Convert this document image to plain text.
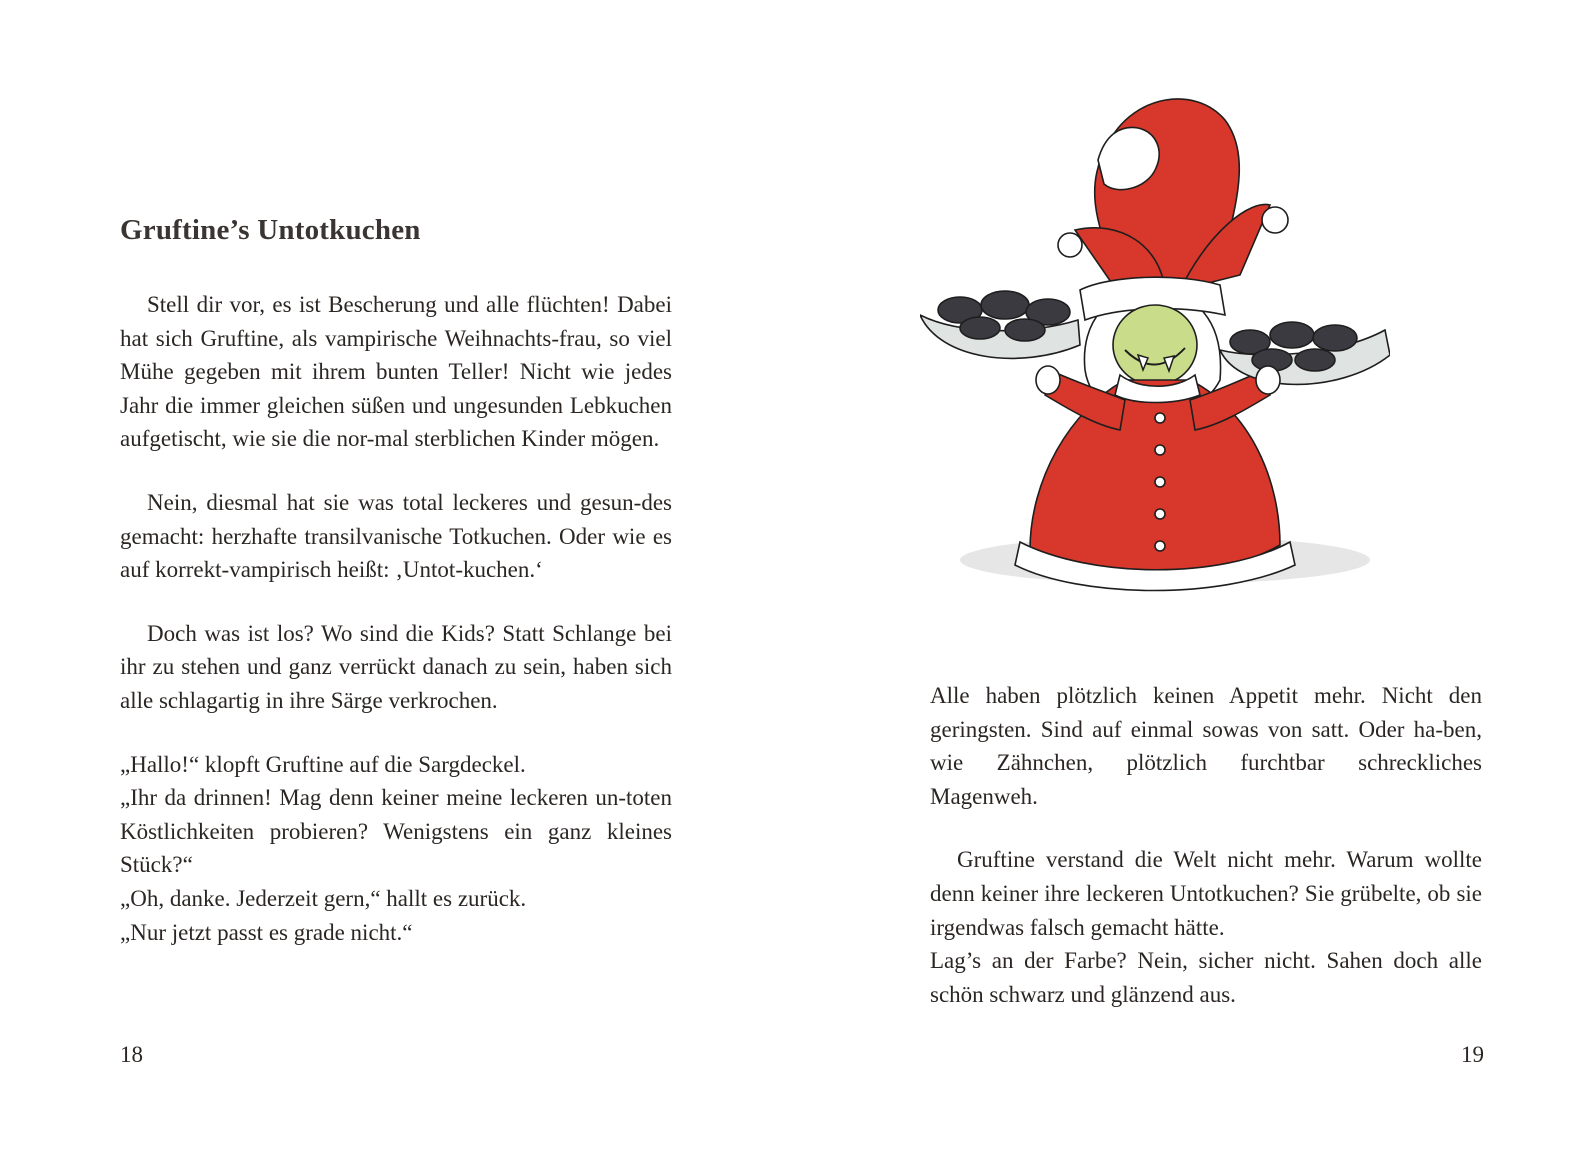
Gruftine’s Untotkuchen

Stell dir vor, es ist Bescherung und alle flüchten! Dabei hat sich Gruftine, als vampirische Weihnachts-frau, so viel Mühe gegeben mit ihrem bunten Teller! Nicht wie jedes Jahr die immer gleichen süßen und ungesunden Lebkuchen aufgetischt, wie sie die nor-mal sterblichen Kinder mögen.

Nein, diesmal hat sie was total leckeres und gesun-des gemacht: herzhafte transilvanische Totkuchen. Oder wie es auf korrekt-vampirisch heißt: ‚Untot-kuchen.‘

Doch was ist los? Wo sind die Kids? Statt Schlange bei ihr zu stehen und ganz verrückt danach zu sein, haben sich alle schlagartig in ihre Särge verkrochen.

„Hallo!“ klopft Gruftine auf die Sargdeckel.

„Ihr da drinnen! Mag denn keiner meine leckeren un-toten Köstlichkeiten probieren? Wenigstens ein ganz kleines Stück?“

„Oh, danke. Jederzeit gern,“ hallt es zurück.

„Nur jetzt passt es grade nicht.“

18

Alle haben plötzlich keinen Appetit mehr. Nicht den geringsten. Sind auf einmal sowas von satt. Oder ha-ben, wie Zähnchen, plötzlich furchtbar schreckliches Magenweh.

Gruftine verstand die Welt nicht mehr. Warum wollte denn keiner ihre leckeren Untotkuchen? Sie grübelte, ob sie irgendwas falsch gemacht hätte.

Lag’s an der Farbe? Nein, sicher nicht. Sahen doch alle schön schwarz und glänzend aus.

19
